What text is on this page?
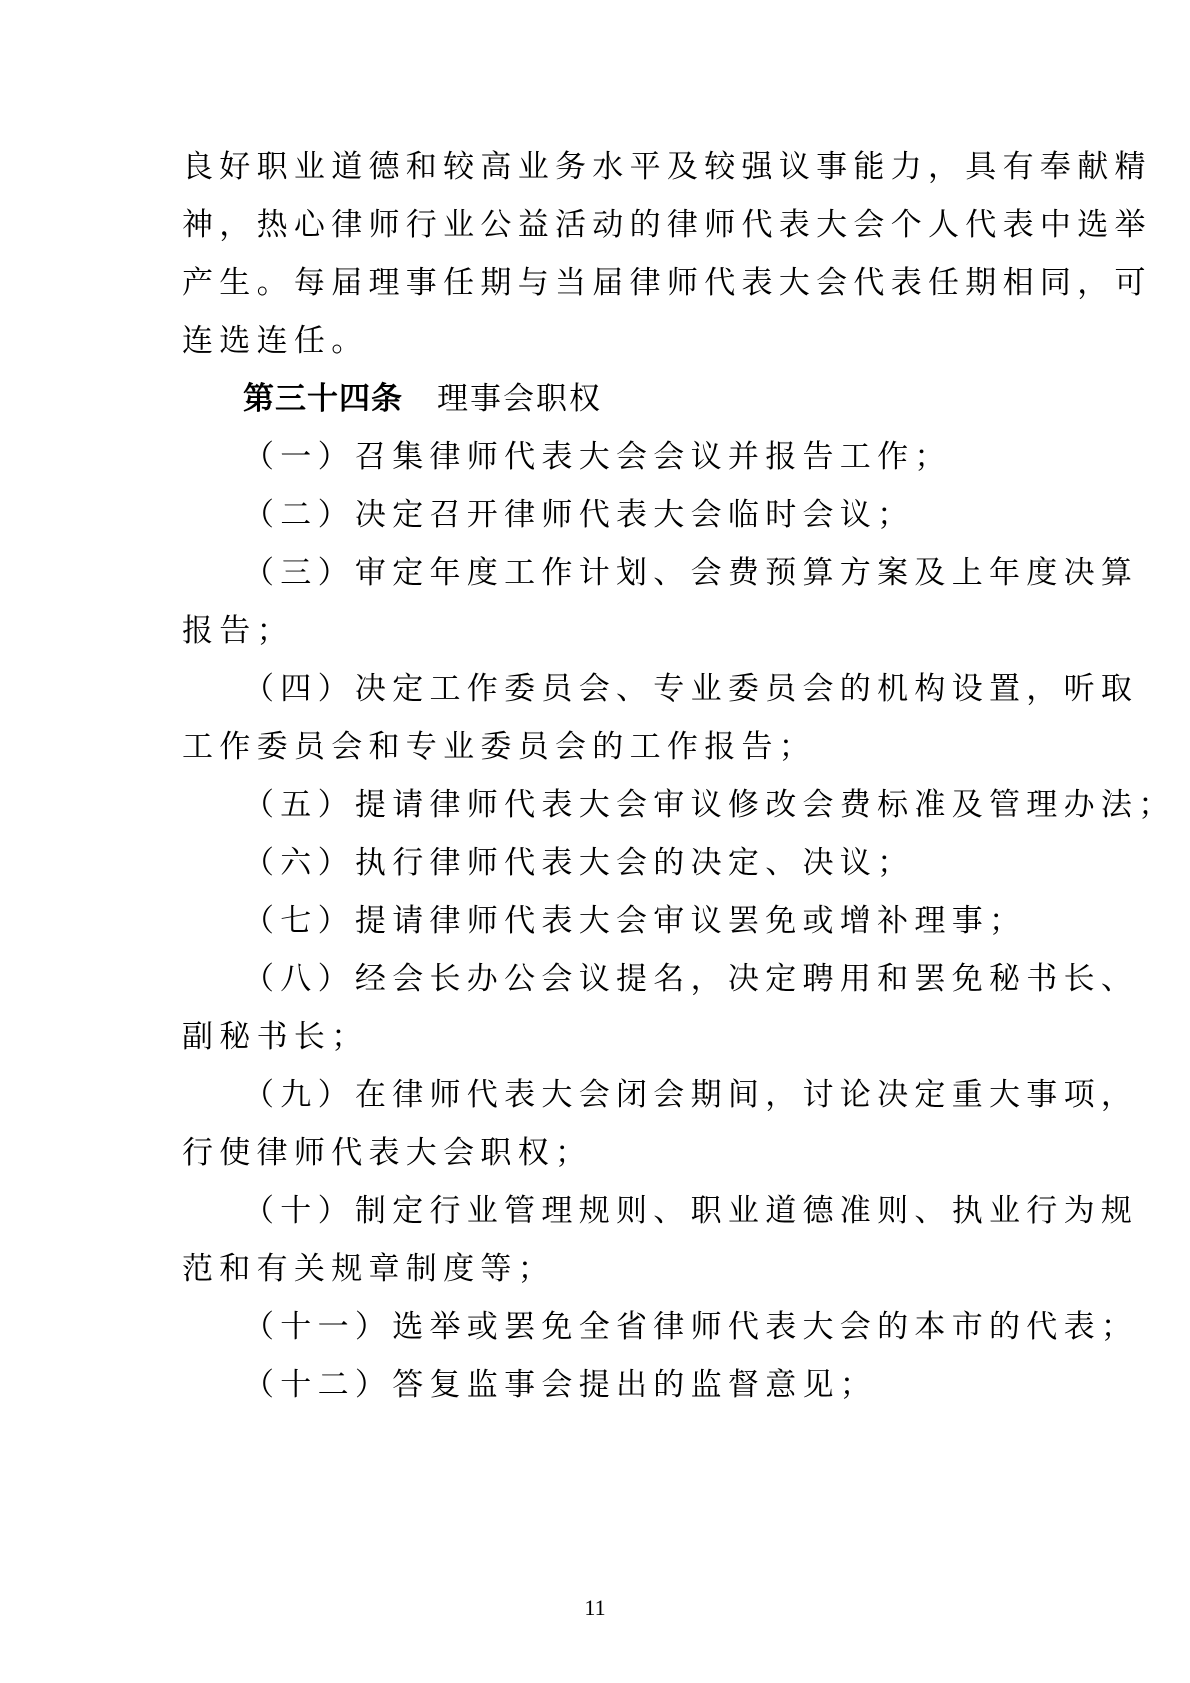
良好职业道德和较高业务水平及较强议事能力，具有奉献精
神，热心律师行业公益活动的律师代表大会个人代表中选举
产生。每届理事任期与当届律师代表大会代表任期相同，可
连选连任。
第三十四条 理事会职权
（一）召集律师代表大会会议并报告工作；
（二）决定召开律师代表大会临时会议；
（三）审定年度工作计划、会费预算方案及上年度决算
报告；
（四）决定工作委员会、专业委员会的机构设置，听取
工作委员会和专业委员会的工作报告；
（五）提请律师代表大会审议修改会费标准及管理办法；
（六）执行律师代表大会的决定、决议；
（七）提请律师代表大会审议罢免或增补理事；
（八）经会长办公会议提名，决定聘用和罢免秘书长、
副秘书长；
（九）在律师代表大会闭会期间，讨论决定重大事项，
行使律师代表大会职权；
（十）制定行业管理规则、职业道德准则、执业行为规
范和有关规章制度等；
（十一）选举或罢免全省律师代表大会的本市的代表；
（十二）答复监事会提出的监督意见；
11
